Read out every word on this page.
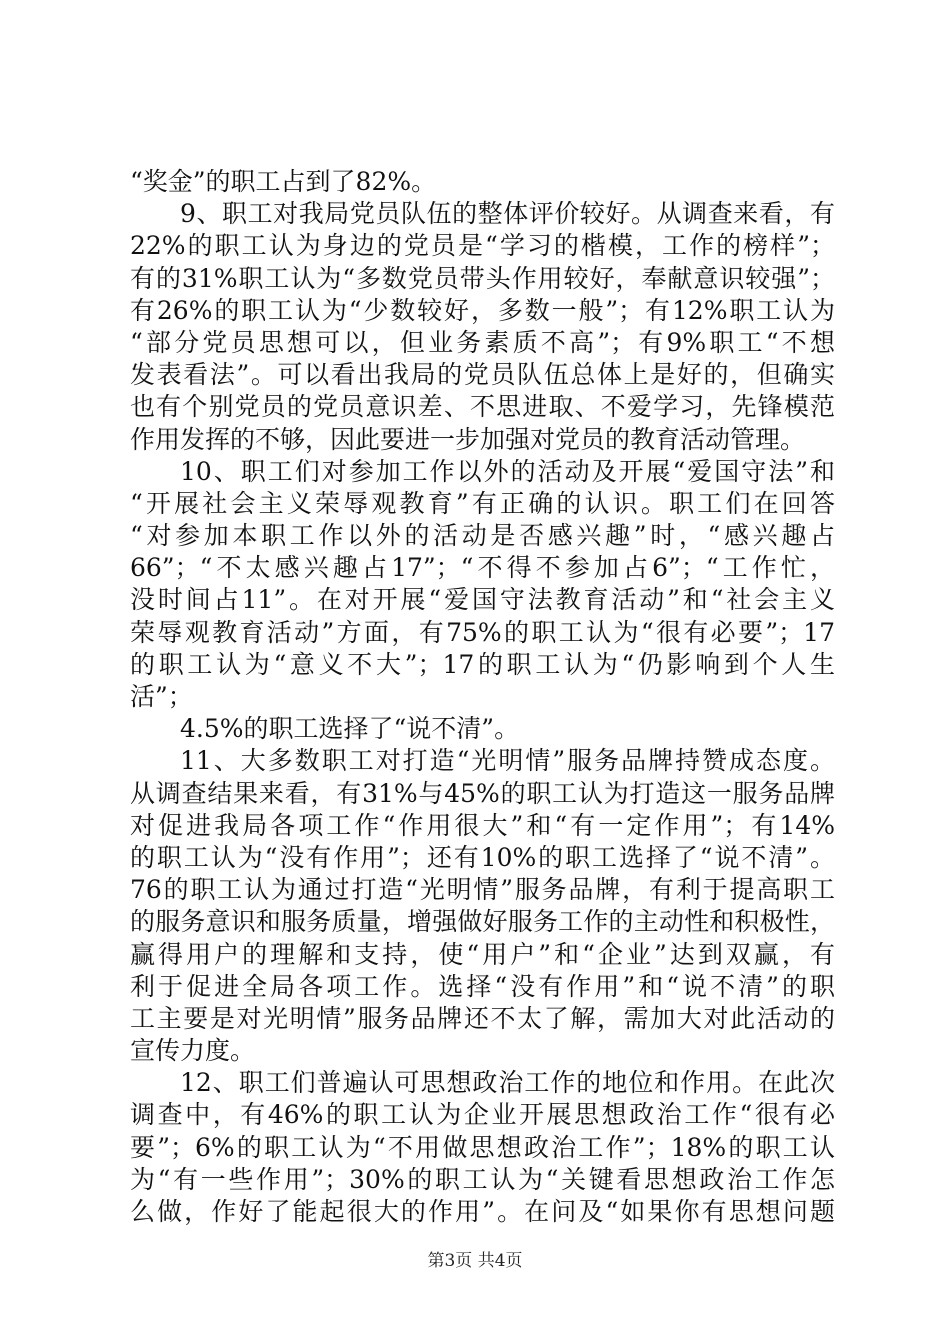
“奖金”的职工占到了82%。
9、职工对我局党员队伍的整体评价较好。从调查来看，有
22%的职工认为身边的党员是“学习的楷模，工作的榜样”；
有的31%职工认为“多数党员带头作用较好，奉献意识较强”；
有26%的职工认为“少数较好，多数一般”；有12%职工认为
“部分党员思想可以，但业务素质不高”；有9%职工“不想
发表看法”。可以看出我局的党员队伍总体上是好的，但确实
也有个别党员的党员意识差、不思进取、不爱学习，先锋模范
作用发挥的不够，因此要进一步加强对党员的教育活动管理。
10、职工们对参加工作以外的活动及开展“爱国守法”和
“开展社会主义荣辱观教育”有正确的认识。职工们在回答
“对参加本职工作以外的活动是否感兴趣”时，“感兴趣占
66”；“不太感兴趣占17”；“不得不参加占6”；“工作忙，
没时间占11”。在对开展“爱国守法教育活动”和“社会主义
荣辱观教育活动”方面，有75%的职工认为“很有必要”；17
的职工认为“意义不大”；17的职工认为“仍影响到个人生
活”；
4.5%的职工选择了“说不清”。
11、大多数职工对打造“光明情”服务品牌持赞成态度。
从调查结果来看，有31%与45%的职工认为打造这一服务品牌
对促进我局各项工作“作用很大”和“有一定作用”；有14%
的职工认为“没有作用”；还有10%的职工选择了“说不清”。
76的职工认为通过打造“光明情”服务品牌，有利于提高职工
的服务意识和服务质量，增强做好服务工作的主动性和积极性，
赢得用户的理解和支持，使“用户”和“企业”达到双赢，有
利于促进全局各项工作。选择“没有作用”和“说不清”的职
工主要是对光明情”服务品牌还不太了解，需加大对此活动的
宣传力度。
12、职工们普遍认可思想政治工作的地位和作用。在此次
调查中，有46%的职工认为企业开展思想政治工作“很有必
要”；6%的职工认为“不用做思想政治工作”；18%的职工认
为“有一些作用”；30%的职工认为“关键看思想政治工作怎
么做，作好了能起很大的作用”。在问及“如果你有思想问题
第3页 共4页
